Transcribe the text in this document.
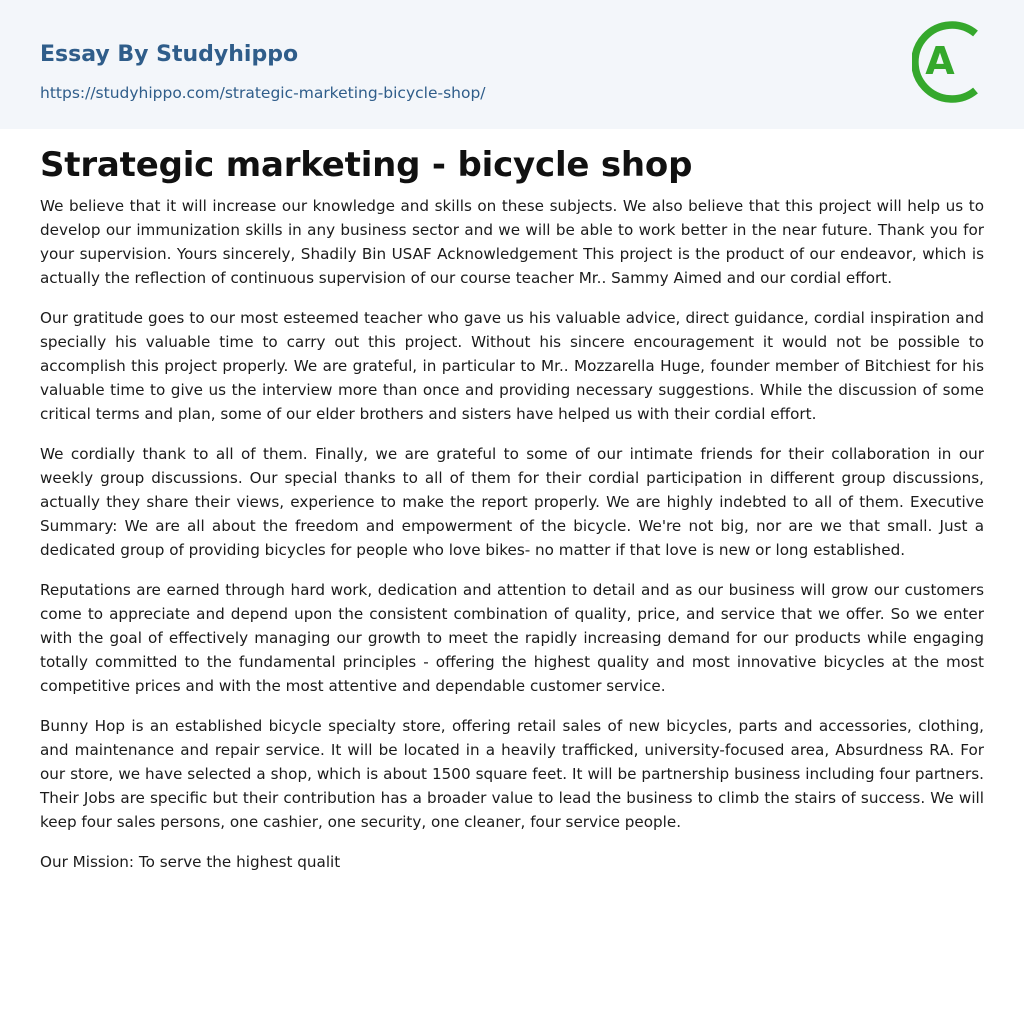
Essay By Studyhippo
https://studyhippo.com/strategic-marketing-bicycle-shop/
A
Strategic marketing - bicycle shop

We believe that it will increase our knowledge and skills on these subjects. We also believe that this project will help us to develop our immunization skills in any business sector and we will be able to work better in the near future. Thank you for your supervision. Yours sincerely, Shadily Bin USAF Acknowledgement This project is the product of our endeavor, which is actually the reflection of continuous supervision of our course teacher Mr.. Sammy Aimed and our cordial effort.

Our gratitude goes to our most esteemed teacher who gave us his valuable advice, direct guidance, cordial inspiration and specially his valuable time to carry out this project. Without his sincere encouragement it would not be possible to accomplish this project properly. We are grateful, in particular to Mr.. Mozzarella Huge, founder member of Bitchiest for his valuable time to give us the interview more than once and providing necessary suggestions. While the discussion of some critical terms and plan, some of our elder brothers and sisters have helped us with their cordial effort.

We cordially thank to all of them. Finally, we are grateful to some of our intimate friends for their collaboration in our weekly group discussions. Our special thanks to all of them for their cordial participation in different group discussions, actually they share their views, experience to make the report properly. We are highly indebted to all of them. Executive Summary: We are all about the freedom and empowerment of the bicycle. We're not big, nor are we that small. Just a dedicated group of providing bicycles for people who love bikes- no matter if that love is new or long established.

Reputations are earned through hard work, dedication and attention to detail and as our business will grow our customers come to appreciate and depend upon the consistent combination of quality, price, and service that we offer. So we enter with the goal of effectively managing our growth to meet the rapidly increasing demand for our products while engaging totally committed to the fundamental principles - offering the highest quality and most innovative bicycles at the most competitive prices and with the most attentive and dependable customer service.

Bunny Hop is an established bicycle specialty store, offering retail sales of new bicycles, parts and accessories, clothing, and maintenance and repair service. It will be located in a heavily trafficked, university-focused area, Absurdness RA. For our store, we have selected a shop, which is about 1500 square feet. It will be partnership business including four partners. Their Jobs are specific but their contribution has a broader value to lead the business to climb the stairs of success. We will keep four sales persons, one cashier, one security, one cleaner, four service people.

Our Mission: To serve the highest qualit
